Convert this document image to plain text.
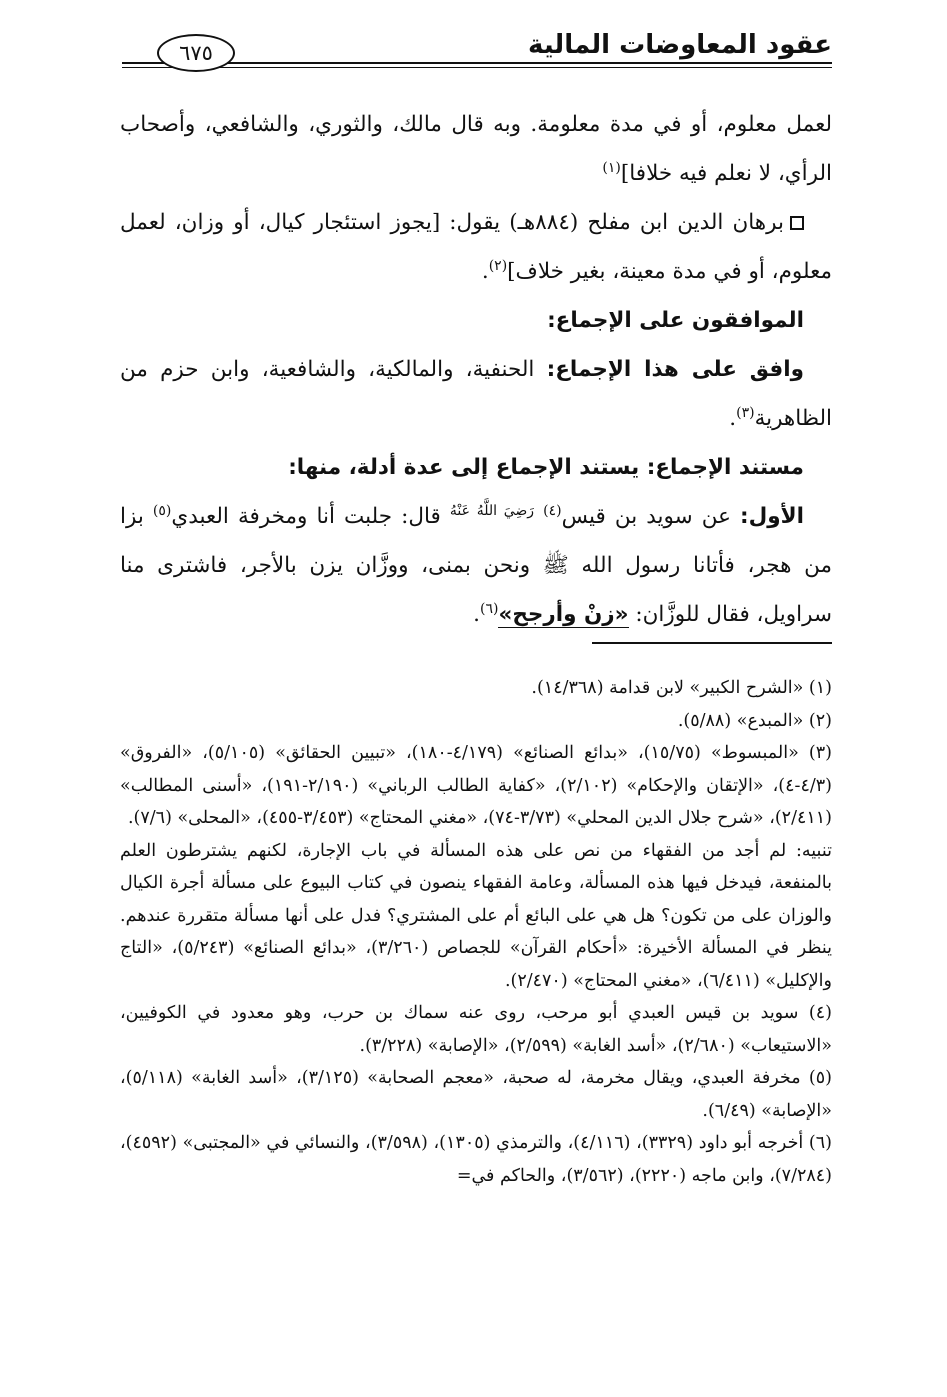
عقود المعاوضات المالية
٦٧٥

لعمل معلوم، أو في مدة معلومة. وبه قال مالك، والثوري، والشافعي، وأصحاب الرأي، لا نعلم فيه خلافا]$^{(١)}$

برهان الدين ابن مفلح (٨٨٤هـ) يقول: [يجوز استئجار كيال، أو وزان، لعمل معلوم، أو في مدة معينة، بغير خلاف]$^{(٢)}$.

الموافقون على الإجماع:

وافق على هذا الإجماع: الحنفية، والمالكية، والشافعية، وابن حزم من الظاهرية$^{(٣)}$.

مستند الإجماع: يستند الإجماع إلى عدة أدلة، منها:

الأول: عن سويد بن قيس$^{(٤)}$ $^{رَضِيَ اللَّهُ عَنْهُ}$ قال: جلبت أنا ومخرفة العبدي$^{(٥)}$ بزا من هجر، فأتانا رسول الله ﷺ ونحن بمنى، ووزَّان يزن بالأجر، فاشترى منا سراويل، فقال للوزَّان: «زنْ وأرجح»$^{(٦)}$.

(١) «الشرح الكبير» لابن قدامة (١٤/٣٦٨).

(٢) «المبدع» (٥/٨٨).

(٣) «المبسوط» (١٥/٧٥)، «بدائع الصنائع» (٤/١٧٩-١٨٠)، «تبيين الحقائق» (٥/١٠٥)، «الفروق» (٤/٣-٤)، «الإتقان والإحكام» (٢/١٠٢)، «كفاية الطالب الرباني» (٢/١٩٠-١٩١)، «أسنى المطالب» (٢/٤١١)، «شرح جلال الدين المحلي» (٣/٧٣-٧٤)، «مغني المحتاج» (٣/٤٥٣-٤٥٥)، «المحلى» (٧/٦).

تنبيه: لم أجد من الفقهاء من نص على هذه المسألة في باب الإجارة، لكنهم يشترطون العلم بالمنفعة، فيدخل فيها هذه المسألة، وعامة الفقهاء ينصون في كتاب البيوع على مسألة أجرة الكيال والوزان على من تكون؟ هل هي على البائع أم على المشتري؟ فدل على أنها مسألة متقررة عندهم. ينظر في المسألة الأخيرة: «أحكام القرآن» للجصاص (٣/٢٦٠)، «بدائع الصنائع» (٥/٢٤٣)، «التاج والإكليل» (٦/٤١١)، «مغني المحتاج» (٢/٤٧٠).

(٤) سويد بن قيس العبدي أبو مرحب، روى عنه سماك بن حرب، وهو معدود في الكوفيين، «الاستيعاب» (٢/٦٨٠)، «أسد الغابة» (٢/٥٩٩)، «الإصابة» (٣/٢٢٨).

(٥) مخرفة العبدي، ويقال مخرمة، له صحبة، «معجم الصحابة» (٣/١٢٥)، «أسد الغابة» (٥/١١٨)، «الإصابة» (٦/٤٩).

(٦) أخرجه أبو داود (٣٣٢٩)، (٤/١١٦)، والترمذي (١٣٠٥)، (٣/٥٩٨)، والنسائي في «المجتبى» (٤٥٩٢)، (٧/٢٨٤)، وابن ماجه (٢٢٢٠)، (٣/٥٦٢)، والحاكم في=
